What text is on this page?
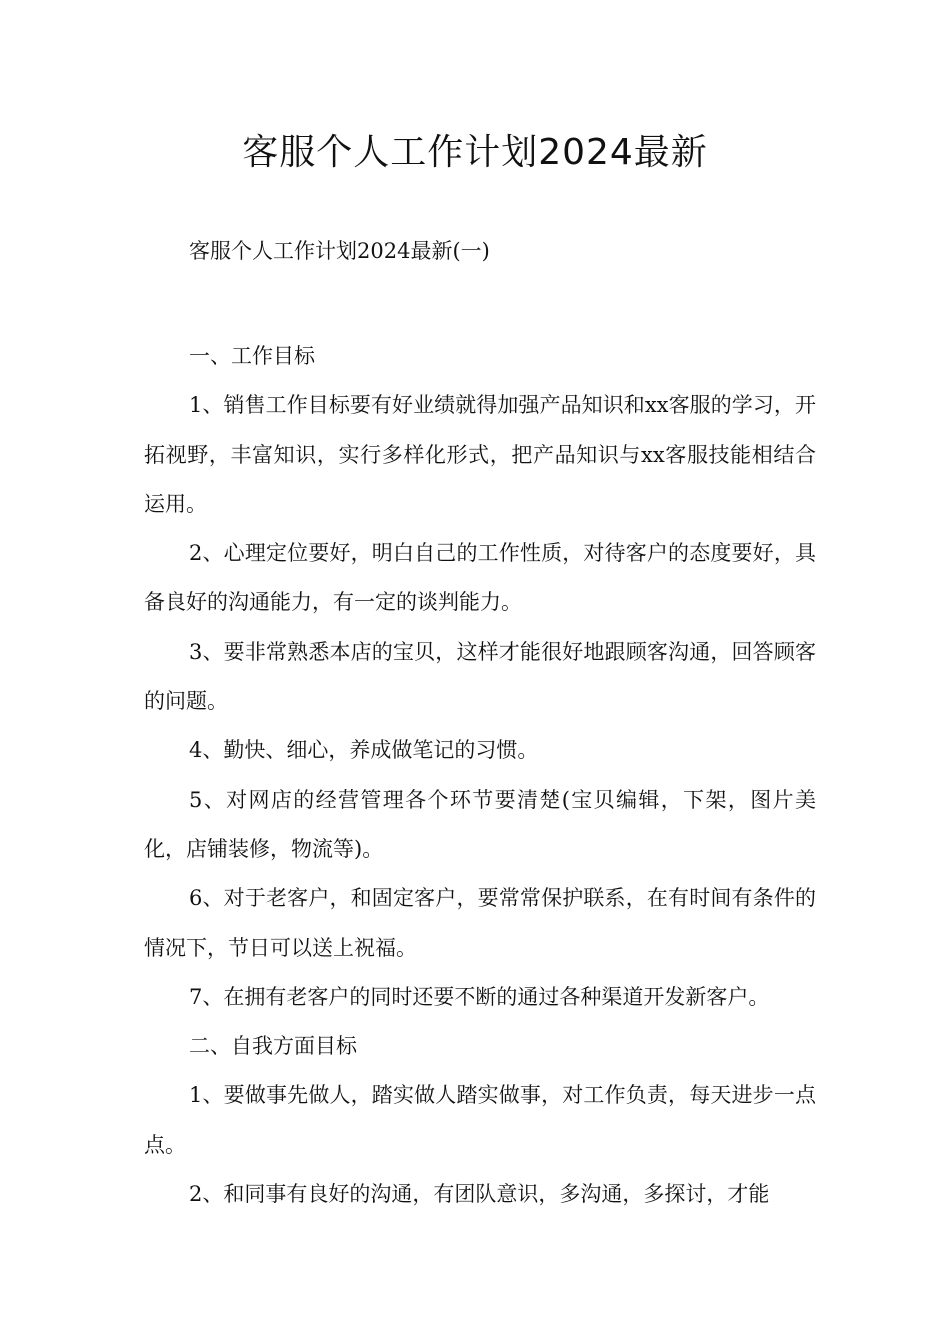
客服个人工作计划2024最新

客服个人工作计划2024最新(一)

一、工作目标

1、销售工作目标要有好业绩就得加强产品知识和xx客服的学习，开拓视野，丰富知识，实行多样化形式，把产品知识与xx客服技能相结合运用。

2、心理定位要好，明白自己的工作性质，对待客户的态度要好，具备良好的沟通能力，有一定的谈判能力。

3、要非常熟悉本店的宝贝，这样才能很好地跟顾客沟通，回答顾客的问题。

4、勤快、细心，养成做笔记的习惯。

5、对网店的经营管理各个环节要清楚(宝贝编辑，下架，图片美化，店铺装修，物流等)。

6、对于老客户，和固定客户，要常常保护联系，在有时间有条件的情况下，节日可以送上祝福。

7、在拥有老客户的同时还要不断的通过各种渠道开发新客户。

二、自我方面目标

1、要做事先做人，踏实做人踏实做事，对工作负责，每天进步一点点。

2、和同事有良好的沟通，有团队意识，多沟通，多探讨，才能
